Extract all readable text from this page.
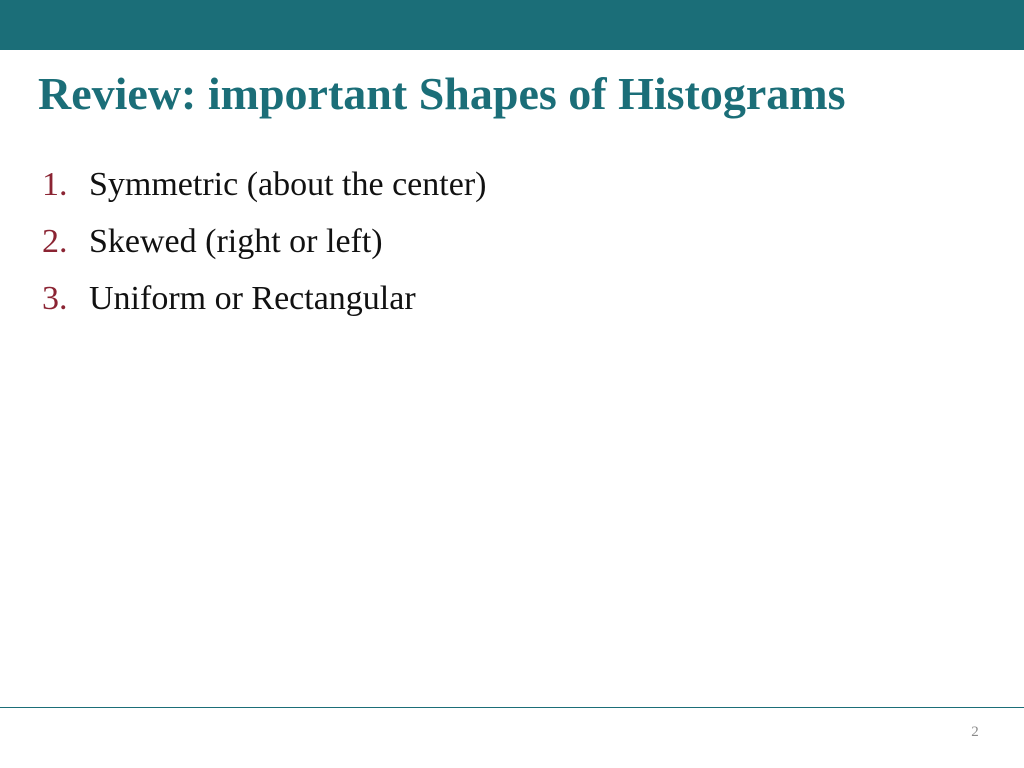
Review: important Shapes of Histograms
1. Symmetric (about the center)
2. Skewed (right or left)
3. Uniform or Rectangular
2
